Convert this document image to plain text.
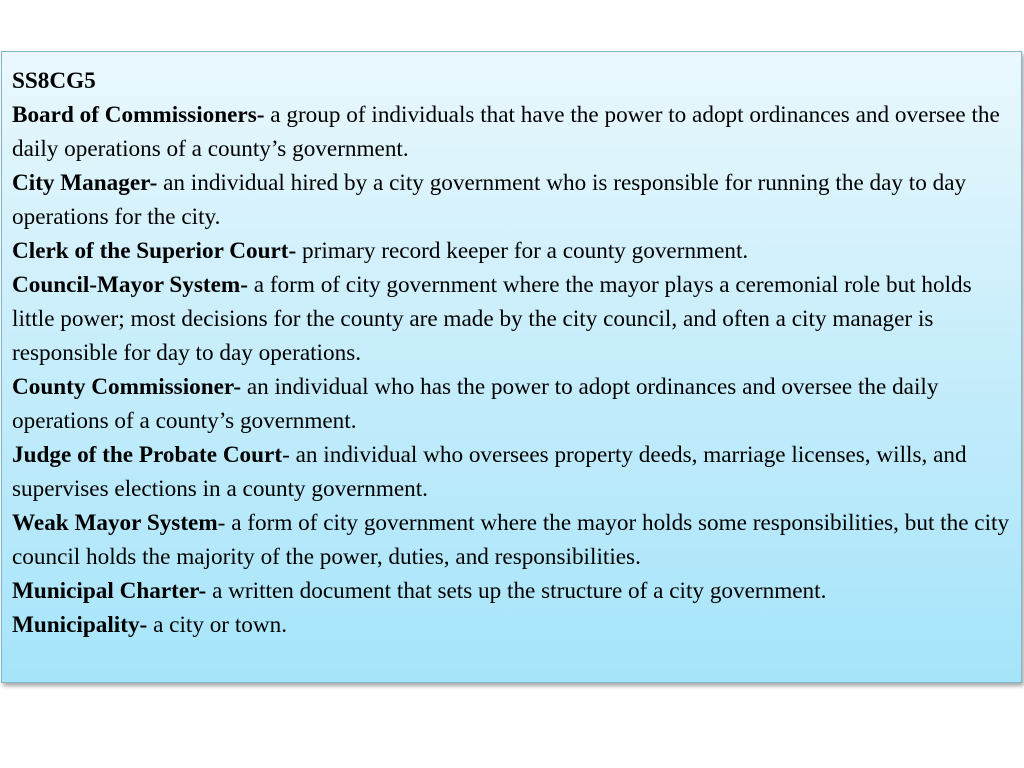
SS8CG5

Board of Commissioners- a group of individuals that have the power to adopt ordinances and oversee the daily operations of a county’s government.

City Manager- an individual hired by a city government who is responsible for running the day to day operations for the city.

Clerk of the Superior Court- primary record keeper for a county government.

Council-Mayor System- a form of city government where the mayor plays a ceremonial role but holds little power; most decisions for the county are made by the city council, and often a city manager is responsible for day to day operations.

County Commissioner- an individual who has the power to adopt ordinances and oversee the daily operations of a county’s government.

Judge of the Probate Court- an individual who oversees property deeds, marriage licenses, wills, and supervises elections in a county government.

Weak Mayor System- a form of city government where the mayor holds some responsibilities, but the city council holds the majority of the power, duties, and responsibilities.

Municipal Charter- a written document that sets up the structure of a city government.

Municipality- a city or town.
